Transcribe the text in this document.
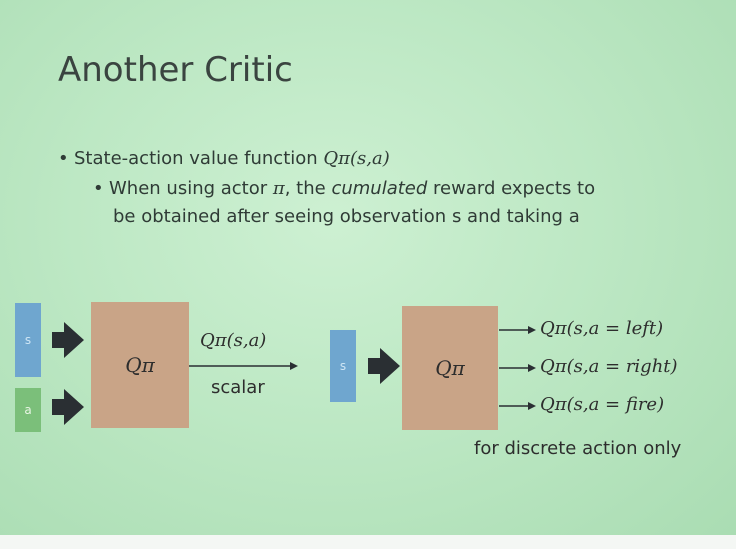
Another Critic
• State-action value function Qπ(s,a)
• When using actor π, the cumulated reward expects to
be obtained after seeing observation s and taking a
s
a
Qπ
Qπ(s,a)
scalar
s	Qπ
Qπ(s,a = left)
Qπ(s,a = right)
Qπ(s,a = fire)
for discrete action only
